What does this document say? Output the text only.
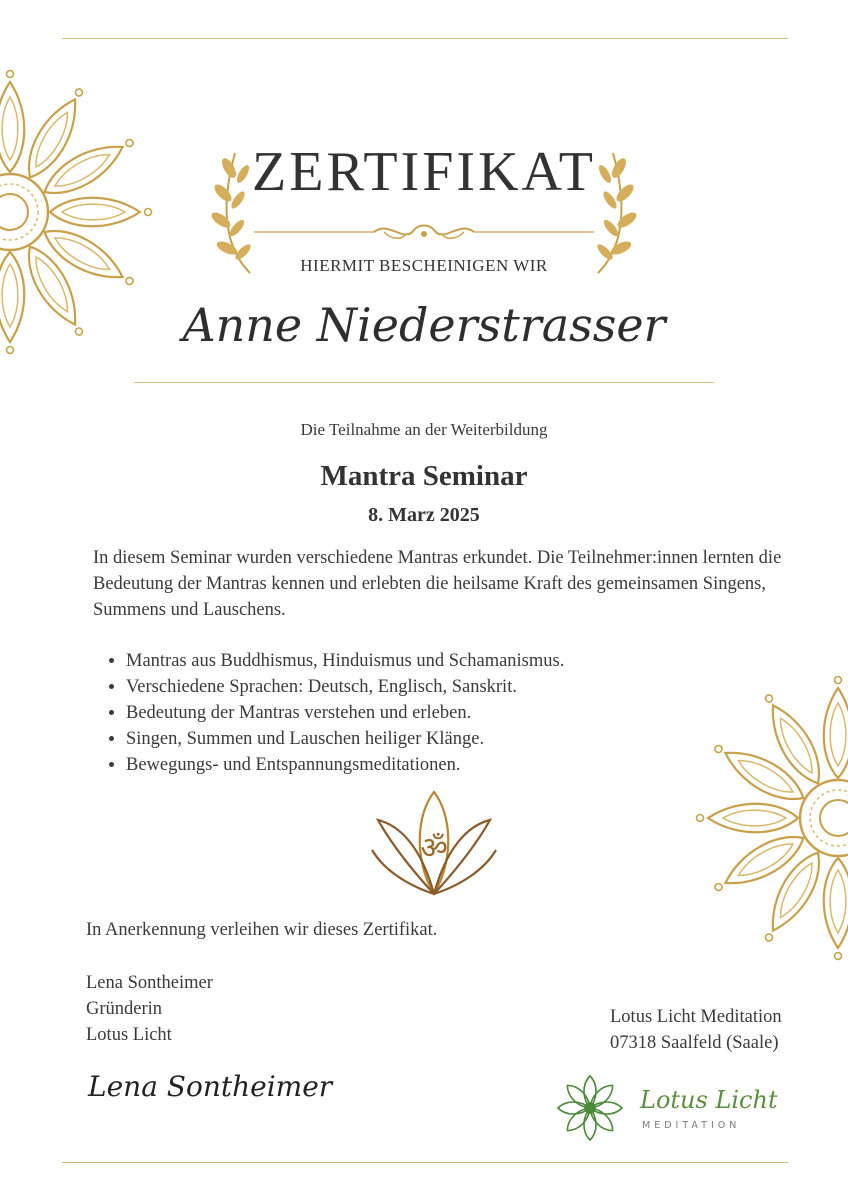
ZERTIFIKAT
HIERMIT BESCHEINIGEN WIR
Anne Niederstrasser
Die Teilnahme an der Weiterbildung
Mantra Seminar
8. Marz 2025
In diesem Seminar wurden verschiedene Mantras erkundet. Die Teilnehmer:innen lernten die Bedeutung der Mantras kennen und erlebten die heilsame Kraft des gemeinsamen Singens, Summens und Lauschens.
• Mantras aus Buddhismus, Hinduismus und Schamanismus.
• Verschiedene Sprachen: Deutsch, Englisch, Sanskrit.
• Bedeutung der Mantras verstehen und erleben.
• Singen, Summen und Lauschen heiliger Klänge.
• Bewegungs- und Entspannungsmeditationen.
ॐ
In Anerkennung verleihen wir dieses Zertifikat.
Lena Sontheimer
Gründerin
Lotus Licht
Lena Sontheimer
Lotus Licht Meditation
07318 Saalfeld (Saale)
Lotus Licht
MEDITATION
